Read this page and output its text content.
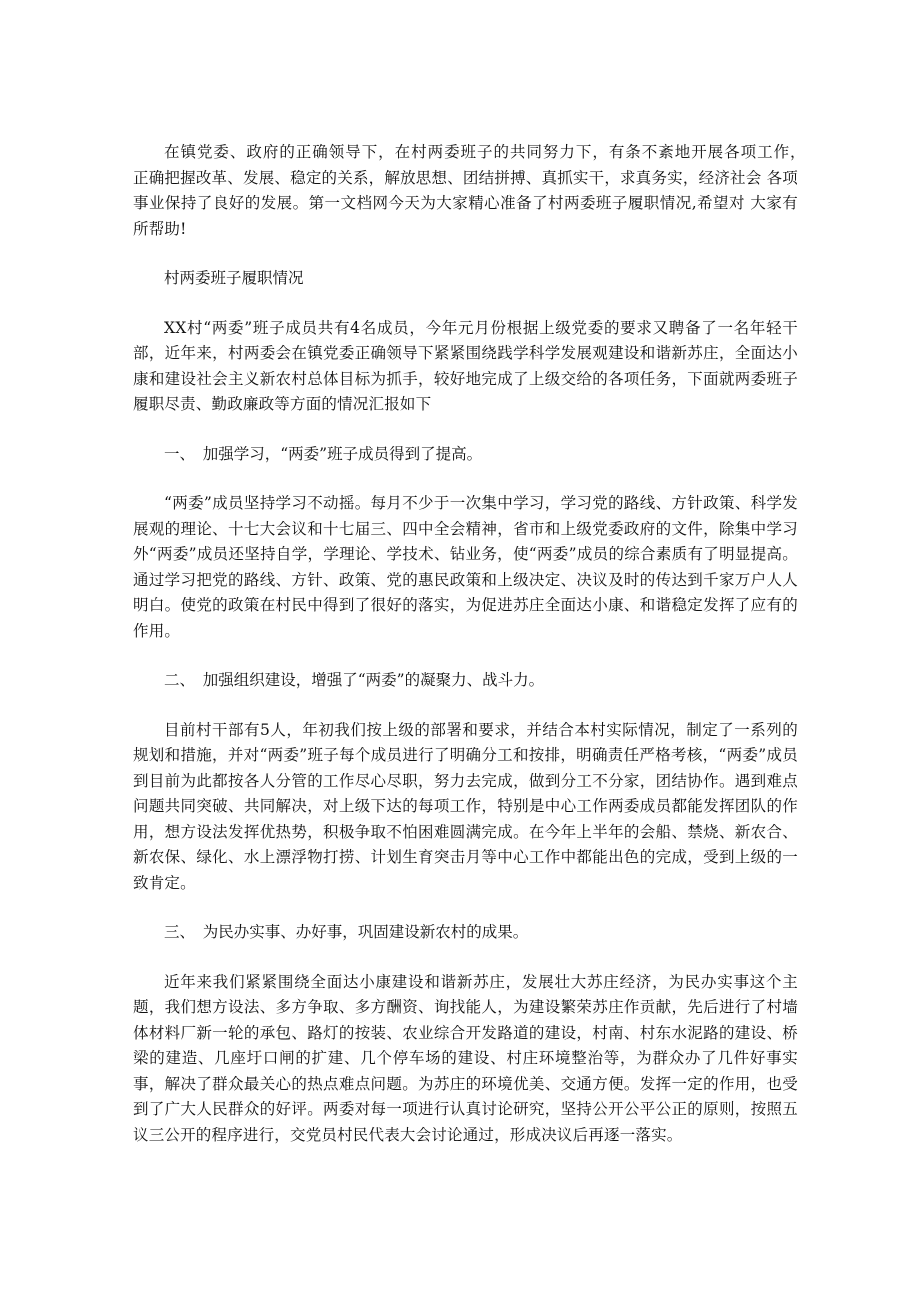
在镇党委、政府的正确领导下，在村两委班子的共同努力下，有条不紊地开展各项工作，　正确把握改革、发展、稳定的关系，解放思想、团结拼搏、真抓实干，求真务实，经济社会 各项事业保持了良好的发展。第一文档网今天为大家精心准备了村两委班子履职情况,希望对 大家有所帮助!

村两委班子履职情况

XX村“两委”班子成员共有4名成员，今年元月份根据上级党委的要求又聘备了一名年轻干部，近年来，村两委会在镇党委正确领导下紧紧围绕践学科学发展观建设和谐新苏庄，全面达小康和建设社会主义新农村总体目标为抓手，较好地完成了上级交给的各项任务，下面就两委班子履职尽责、勤政廉政等方面的情况汇报如下

一、　加强学习，“两委”班子成员得到了提高。

“两委”成员坚持学习不动摇。每月不少于一次集中学习，学习党的路线、方针政策、科学发展观的理论、十七大会议和十七届三、四中全会精神，省市和上级党委政府的文件，除集中学习外“两委”成员还坚持自学，学理论、学技术、钻业务，使“两委”成员的综合素质有了明显提高。通过学习把党的路线、方针、政策、党的惠民政策和上级决定、决议及时的传达到千家万户人人明白。使党的政策在村民中得到了很好的落实，为促进苏庄全面达小康、和谐稳定发挥了应有的作用。

二、　加强组织建设，增强了“两委”的凝聚力、战斗力。

目前村干部有5人，年初我们按上级的部署和要求，并结合本村实际情况，制定了一系列的规划和措施，并对“两委”班子每个成员进行了明确分工和按排，明确责任严格考核，“两委”成员到目前为此都按各人分管的工作尽心尽职，努力去完成，做到分工不分家，团结协作。遇到难点问题共同突破、共同解决，对上级下达的每项工作，特别是中心工作两委成员都能发挥团队的作用，想方设法发挥优热势，积极争取不怕困难圆满完成。在今年上半年的会船、禁烧、新农合、新农保、绿化、水上漂浮物打捞、计划生育突击月等中心工作中都能出色的完成，受到上级的一致肯定。

三、　为民办实事、办好事，巩固建设新农村的成果。

近年来我们紧紧围绕全面达小康建设和谐新苏庄，发展壮大苏庄经济，为民办实事这个主题，我们想方设法、多方争取、多方酬资、询找能人，为建设繁荣苏庄作贡献，先后进行了村墙体材料厂新一轮的承包、路灯的按装、农业综合开发路道的建设，村南、村东水泥路的建设、桥梁的建造、几座圩口闸的扩建、几个停车场的建设、村庄环境整治等，为群众办了几件好事实事，解决了群众最关心的热点难点问题。为苏庄的环境优美、交通方便。发挥一定的作用，也受到了广大人民群众的好评。两委对每一项进行认真讨论研究，坚持公开公平公正的原则，按照五议三公开的程序进行，交党员村民代表大会讨论通过，形成决议后再逐一落实。
